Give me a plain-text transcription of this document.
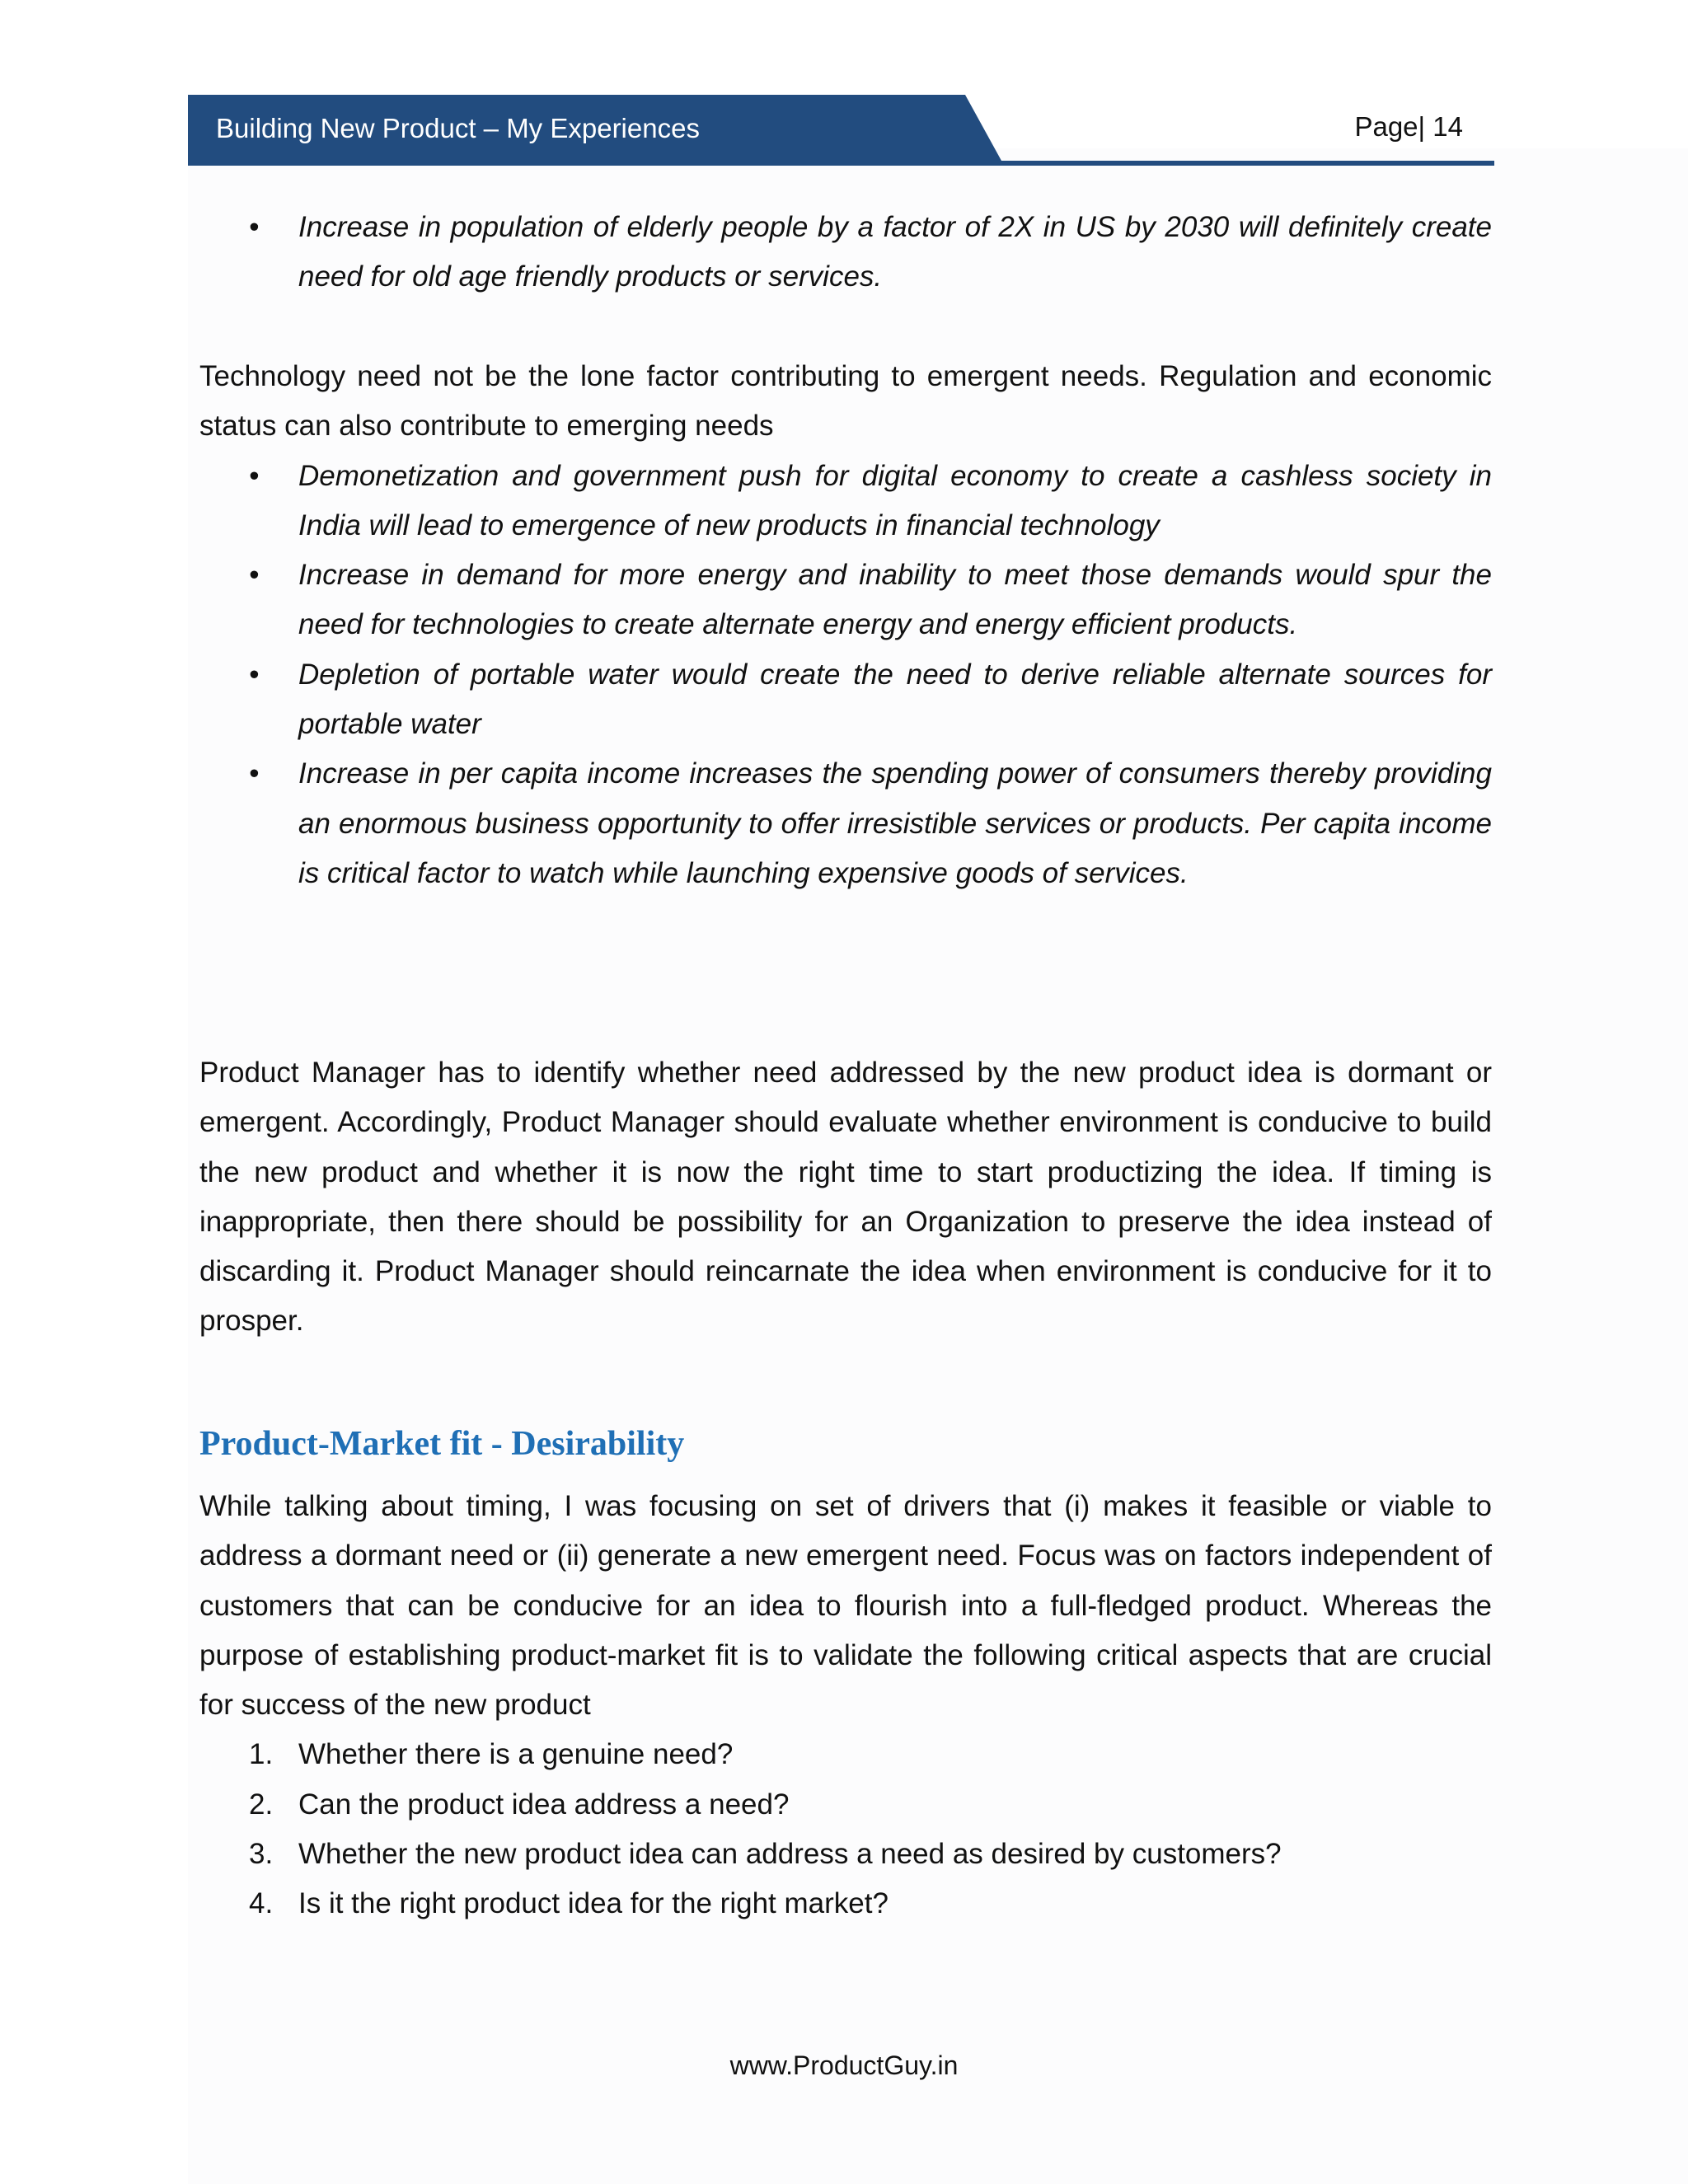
Building New Product – My Experiences	Page| 14
• Increase in population of elderly people by a factor of 2X in US by 2030 will definitely create need for old age friendly products or services.

Technology need not be the lone factor contributing to emergent needs. Regulation and economic status can also contribute to emerging needs

• Demonetization and government push for digital economy to create a cashless society in India will lead to emergence of new products in financial technology
• Increase in demand for more energy and inability to meet those demands would spur the need for technologies to create alternate energy and energy efficient products.
• Depletion of portable water would create the need to derive reliable alternate sources for portable water
• Increase in per capita income increases the spending power of consumers thereby providing an enormous business opportunity to offer irresistible services or products. Per capita income is critical factor to watch while launching expensive goods of services.

Product Manager has to identify whether need addressed by the new product idea is dormant or emergent. Accordingly, Product Manager should evaluate whether environment is conducive to build the new product and whether it is now the right time to start productizing the idea. If timing is inappropriate, then there should be possibility for an Organization to preserve the idea instead of discarding it. Product Manager should reincarnate the idea when environment is conducive for it to prosper.

Product-Market fit - Desirability

While talking about timing, I was focusing on set of drivers that (i) makes it feasible or viable to address a dormant need or (ii) generate a new emergent need. Focus was on factors independent of customers that can be conducive for an idea to flourish into a full-fledged product. Whereas the purpose of establishing product-market fit is to validate the following critical aspects that are crucial for success of the new product

1. Whether there is a genuine need?
2. Can the product idea address a need?
3. Whether the new product idea can address a need as desired by customers?
4. Is it the right product idea for the right market?
www.ProductGuy.in
